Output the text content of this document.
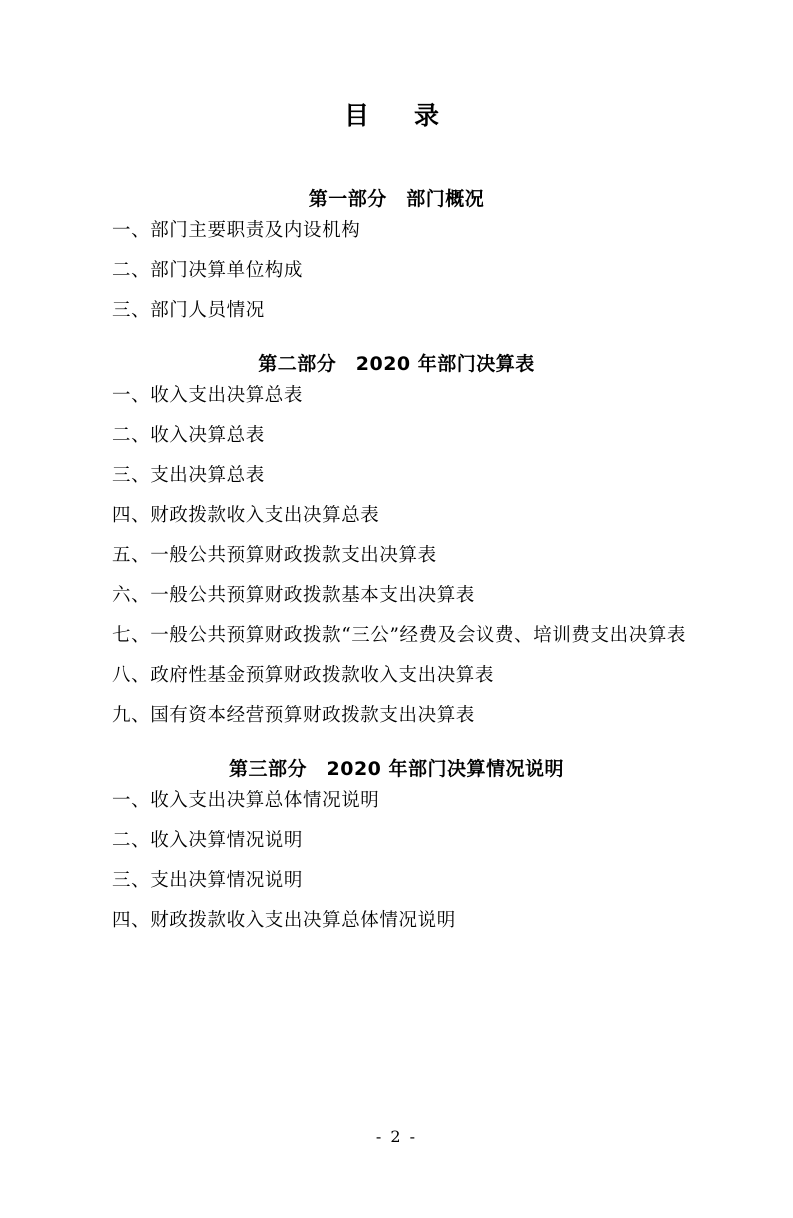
目　录
第一部分　部门概况
一、部门主要职责及内设机构
二、部门决算单位构成
三、部门人员情况
第二部分　2020 年部门决算表
一、收入支出决算总表
二、收入决算总表
三、支出决算总表
四、财政拨款收入支出决算总表
五、一般公共预算财政拨款支出决算表
六、一般公共预算财政拨款基本支出决算表
七、一般公共预算财政拨款“三公”经费及会议费、培训费支出决算表
八、政府性基金预算财政拨款收入支出决算表
九、国有资本经营预算财政拨款支出决算表
第三部分　2020 年部门决算情况说明
一、收入支出决算总体情况说明
二、收入决算情况说明
三、支出决算情况说明
四、财政拨款收入支出决算总体情况说明
- 2 -
